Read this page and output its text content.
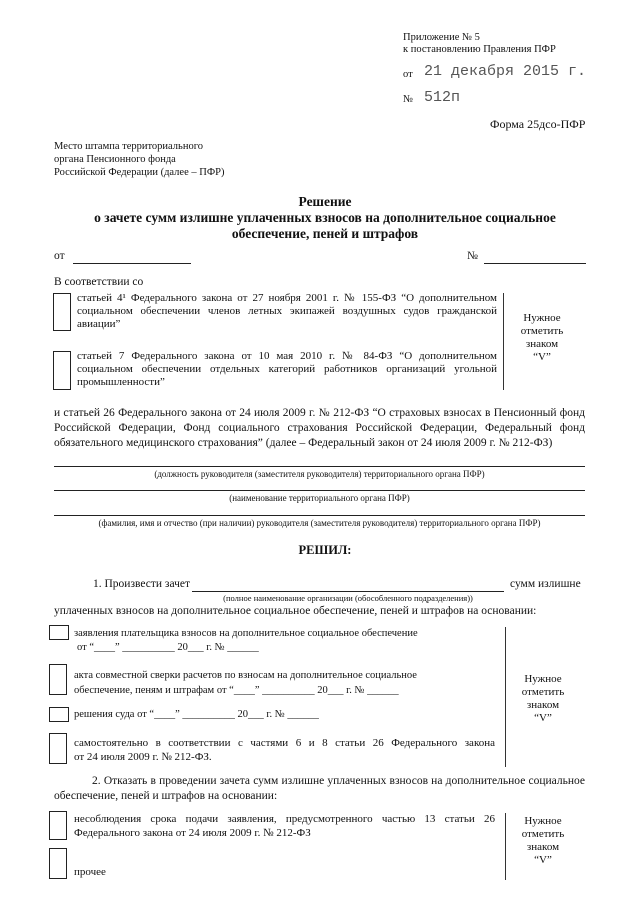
Приложение № 5
к постановлению Правления ПФР
от 21 декабря 2015 г.
№ 512п
Форма 25дсо-ПФР
Место штампа территориального
органа Пенсионного фонда
Российской Федерации (далее – ПФР)
Решение
о зачете сумм излишне уплаченных взносов на дополнительное социальное
обеспечение, пеней и штрафов
от	№
В соответствии со
статьей 4¹ Федерального закона от 27 ноября 2001 г. № 155-ФЗ “О дополнительном социальном обеспечении членов летных экипажей воздушных судов гражданской авиации”
статьей 7 Федерального закона от 10 мая 2010 г. № 84-ФЗ “О дополнительном социальном обеспечении отдельных категорий работников организаций угольной промышленности”
Нужное
отметить
знаком
“V”
и статьей 26 Федерального закона от 24 июля 2009 г. № 212-ФЗ “О страховых взносах в Пенсионный фонд Российской Федерации, Фонд социального страхования Российской Федерации, Федеральный фонд обязательного медицинского страхования” (далее – Федеральный закон от 24 июля 2009 г. № 212-ФЗ)
(должность руководителя (заместителя руководителя) территориального органа ПФР)
(наименование территориального органа ПФР)
(фамилия, имя и отчество (при наличии) руководителя (заместителя руководителя) территориального органа ПФР)
РЕШИЛ:
1. Произвести зачет	сумм излишне
(полное наименование организации (обособленного подразделения))
уплаченных взносов на дополнительное социальное обеспечение, пеней и штрафов на основании:
заявления плательщика взносов на дополнительное социальное обеспечение
от “____” __________ 20___ г. № ______
акта совместной сверки расчетов по взносам на дополнительное социальное
обеспечение, пеням и штрафам от “____” __________ 20___ г. № ______
решения суда от “____” __________ 20___ г. № ______
самостоятельно в соответствии с частями 6 и 8 статьи 26 Федерального закона
от 24 июля 2009 г. № 212-ФЗ.
Нужное
отметить
знаком
“V”
2. Отказать в проведении зачета сумм излишне уплаченных взносов на дополнительное социальное обеспечение, пеней и штрафов на основании:
несоблюдения срока подачи заявления, предусмотренного частью 13 статьи 26 Федерального закона от 24 июля 2009 г. № 212-ФЗ
прочее
Нужное
отметить
знаком
“V”
